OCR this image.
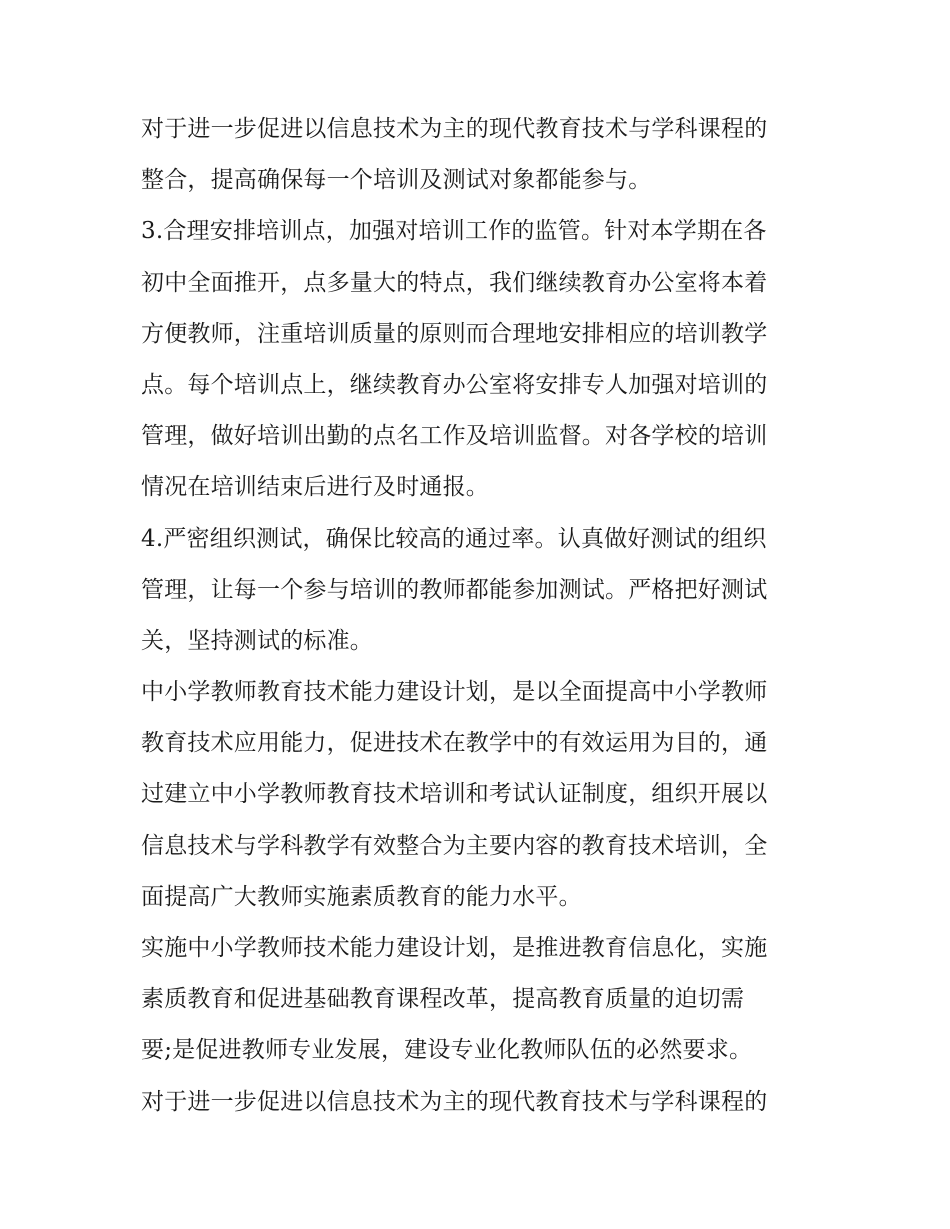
对于进一步促进以信息技术为主的现代教育技术与学科课程的
整合，提高确保每一个培训及测试对象都能参与。
3.合理安排培训点，加强对培训工作的监管。针对本学期在各
初中全面推开，点多量大的特点，我们继续教育办公室将本着
方便教师，注重培训质量的原则而合理地安排相应的培训教学
点。每个培训点上，继续教育办公室将安排专人加强对培训的
管理，做好培训出勤的点名工作及培训监督。对各学校的培训
情况在培训结束后进行及时通报。
4.严密组织测试，确保比较高的通过率。认真做好测试的组织
管理，让每一个参与培训的教师都能参加测试。严格把好测试
关，坚持测试的标准。
中小学教师教育技术能力建设计划，是以全面提高中小学教师
教育技术应用能力，促进技术在教学中的有效运用为目的，通
过建立中小学教师教育技术培训和考试认证制度，组织开展以
信息技术与学科教学有效整合为主要内容的教育技术培训，全
面提高广大教师实施素质教育的能力水平。
实施中小学教师技术能力建设计划，是推进教育信息化，实施
素质教育和促进基础教育课程改革，提高教育质量的迫切需
要;是促进教师专业发展，建设专业化教师队伍的必然要求。
对于进一步促进以信息技术为主的现代教育技术与学科课程的
